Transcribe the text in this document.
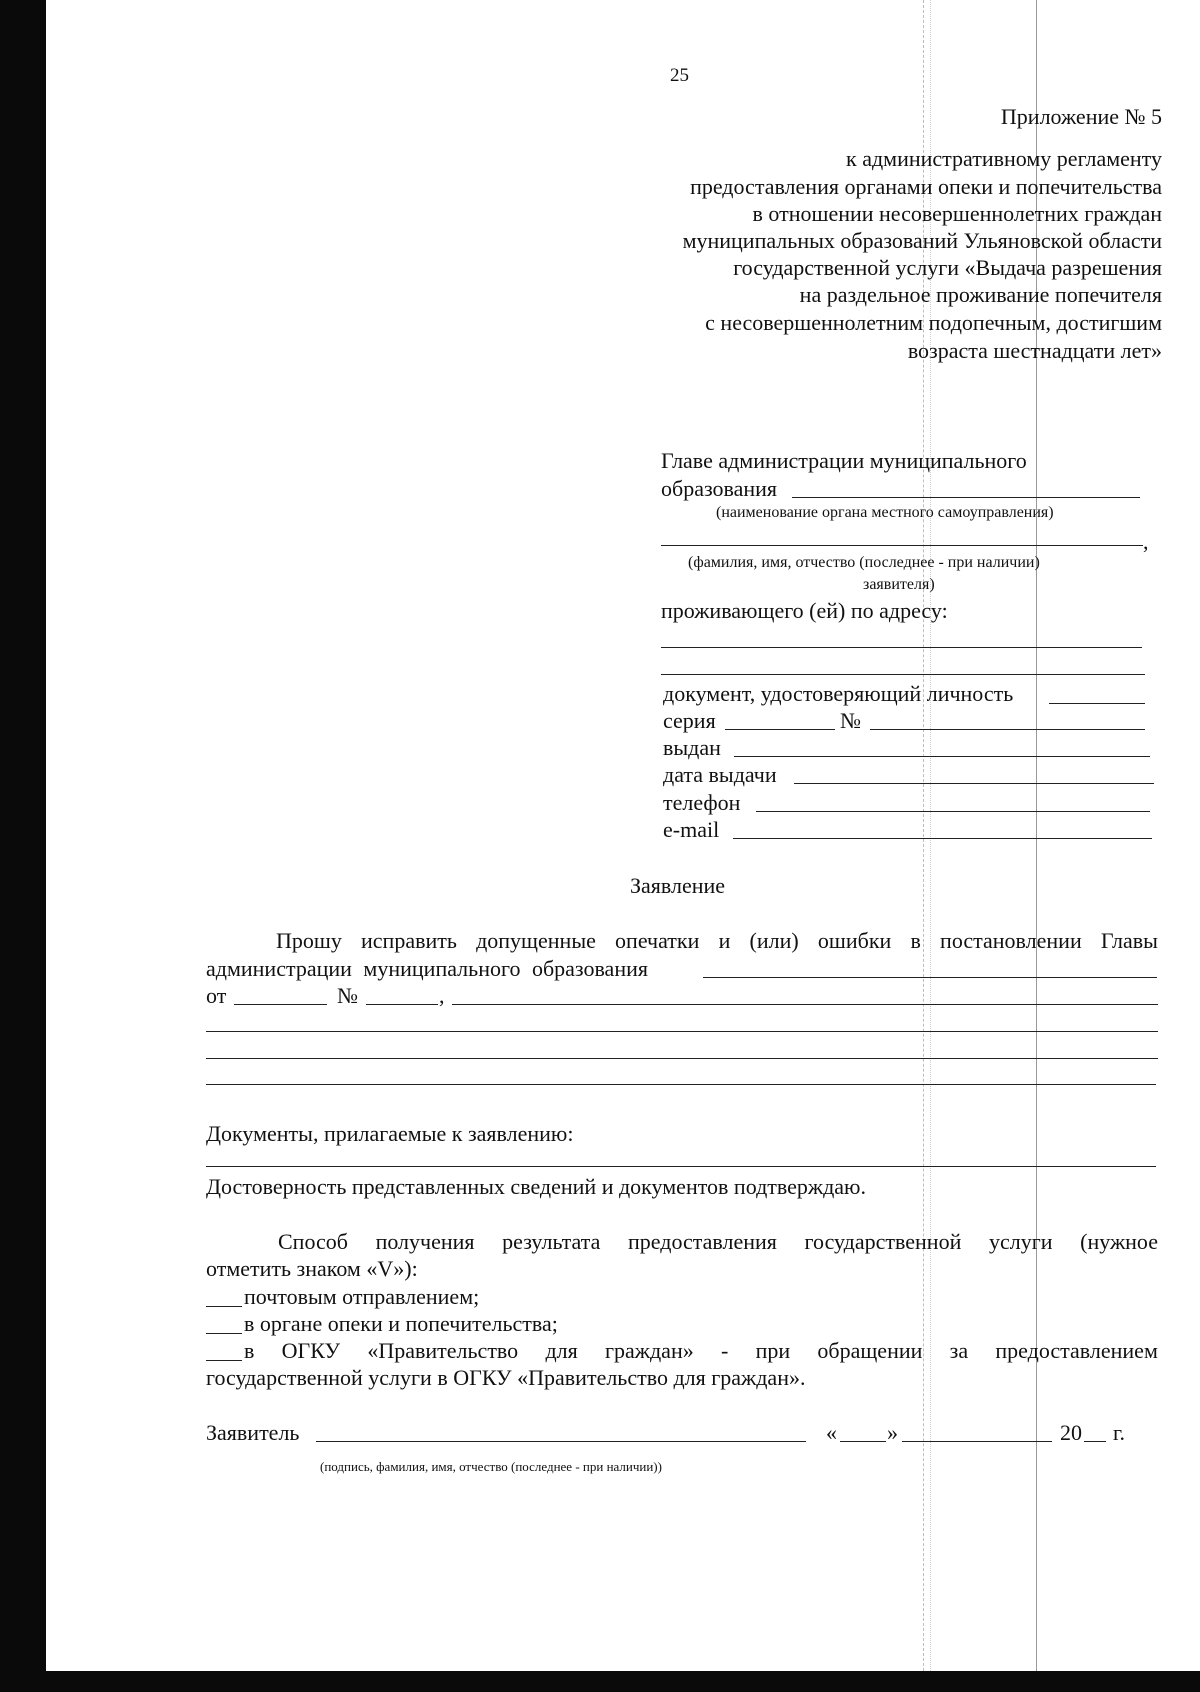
25
Приложение № 5
к административному регламенту
предоставления органами опеки и попечительства
в отношении несовершеннолетних граждан
муниципальных образований Ульяновской области
государственной услуги «Выдача разрешения
на раздельное проживание попечителя
с несовершеннолетним подопечным, достигшим
возраста шестнадцати лет»
Главе администрации муниципального
образования
(наименование органа местного самоуправления)
,
(фамилия, имя, отчество (последнее - при наличии)
заявителя)
проживающего (ей) по адресу:
документ, удостоверяющий личность
серия	№
выдан
дата выдачи
телефон
e-mail
Заявление
Прошу исправить допущенные опечатки и (или) ошибки в постановлении Главы
администрации муниципального образования
от	№	,
Документы, прилагаемые к заявлению:
Достоверность представленных сведений и документов подтверждаю.
Способ получения результата предоставления государственной услуги (нужное
отметить знаком «V»):
почтовым отправлением;
в органе опеки и попечительства;
в ОГКУ «Правительство для граждан» - при обращении за предоставлением
государственной услуги в ОГКУ «Правительство для граждан».
Заявитель	« »	20 г.
(подпись, фамилия, имя, отчество (последнее - при наличии))
